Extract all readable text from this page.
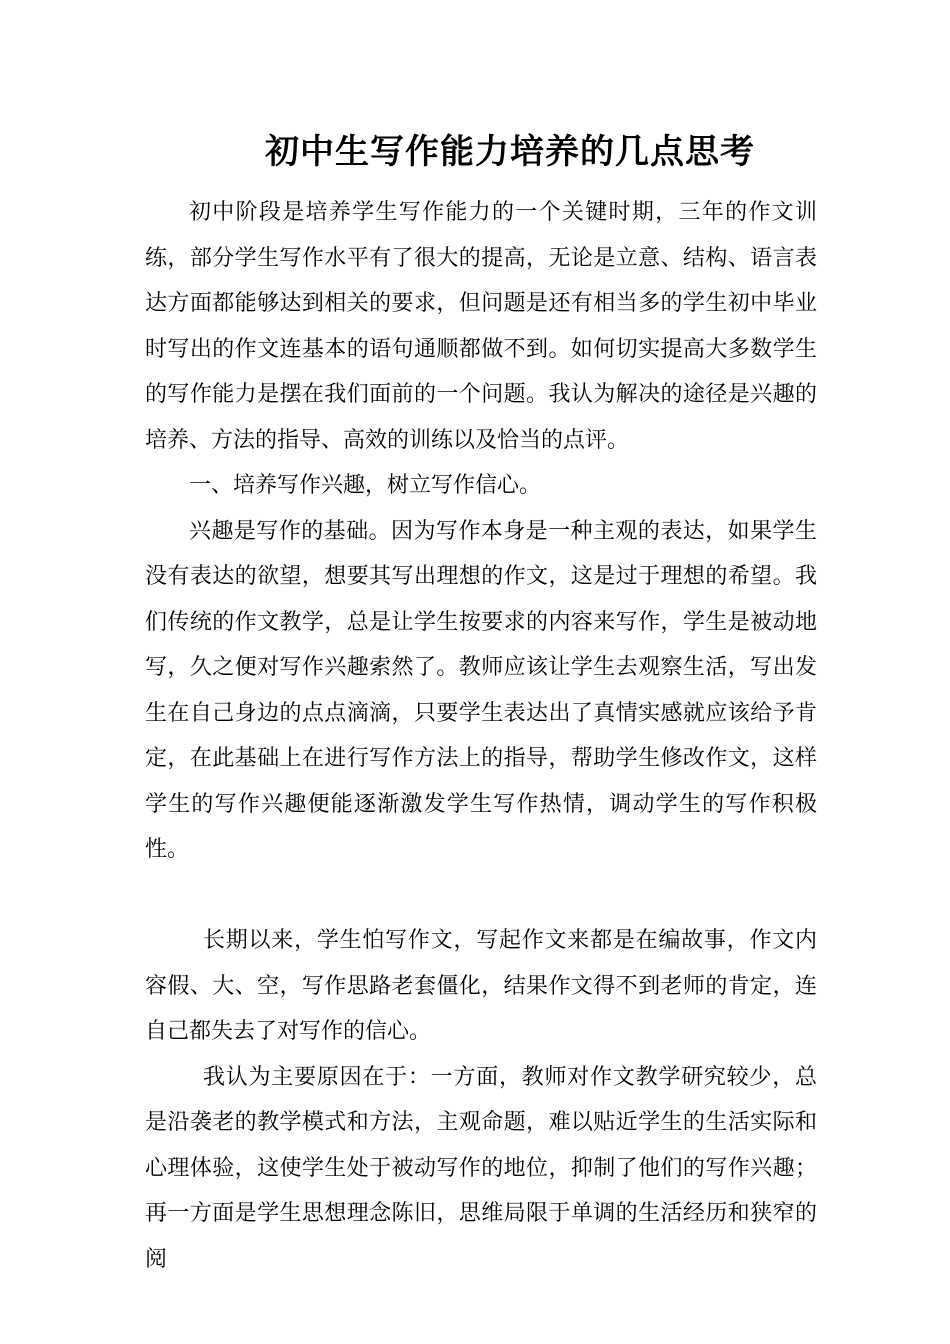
初中生写作能力培养的几点思考

初中阶段是培养学生写作能力的一个关键时期，三年的作文训练，部分学生写作水平有了很大的提高，无论是立意、结构、语言表达方面都能够达到相关的要求，但问题是还有相当多的学生初中毕业时写出的作文连基本的语句通顺都做不到。如何切实提高大多数学生的写作能力是摆在我们面前的一个问题。我认为解决的途径是兴趣的培养、方法的指导、高效的训练以及恰当的点评。

一、培养写作兴趣，树立写作信心。

兴趣是写作的基础。因为写作本身是一种主观的表达，如果学生没有表达的欲望，想要其写出理想的作文，这是过于理想的希望。我们传统的作文教学，总是让学生按要求的内容来写作，学生是被动地写，久之便对写作兴趣索然了。教师应该让学生去观察生活，写出发生在自己身边的点点滴滴，只要学生表达出了真情实感就应该给予肯定，在此基础上在进行写作方法上的指导，帮助学生修改作文，这样学生的写作兴趣便能逐渐激发学生写作热情，调动学生的写作积极性。

长期以来，学生怕写作文，写起作文来都是在编故事，作文内容假、大、空，写作思路老套僵化，结果作文得不到老师的肯定，连自己都失去了对写作的信心。

我认为主要原因在于：一方面，教师对作文教学研究较少，总是沿袭老的教学模式和方法，主观命题，难以贴近学生的生活实际和心理体验，这使学生处于被动写作的地位，抑制了他们的写作兴趣；再一方面是学生思想理念陈旧，思维局限于单调的生活经历和狭窄的阅
